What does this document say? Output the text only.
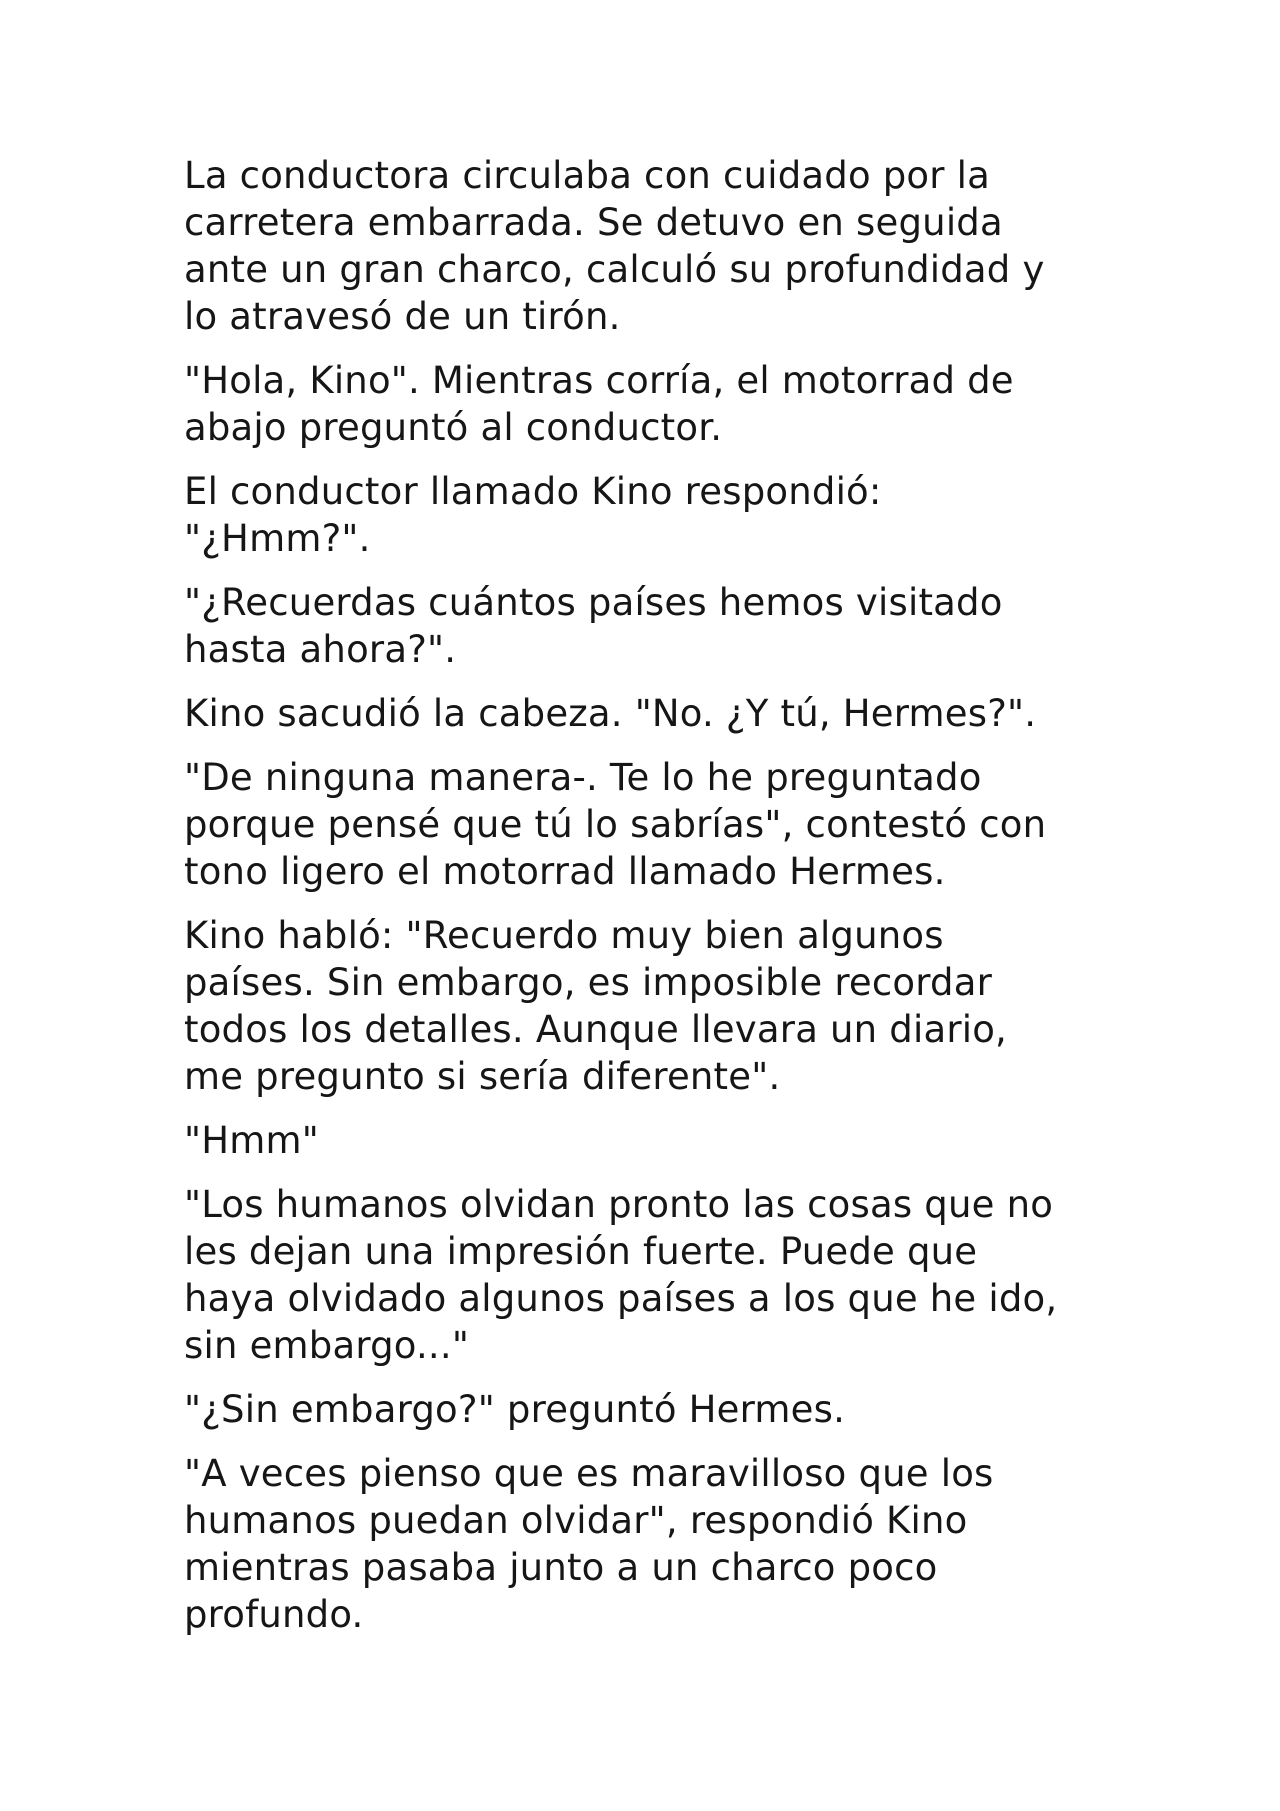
La conductora circulaba con cuidado por la
carretera embarrada. Se detuvo en seguida
ante un gran charco, calculó su profundidad y
lo atravesó de un tirón.

"Hola, Kino". Mientras corría, el motorrad de
abajo preguntó al conductor.

El conductor llamado Kino respondió:
"¿Hmm?".

"¿Recuerdas cuántos países hemos visitado
hasta ahora?".

Kino sacudió la cabeza. "No. ¿Y tú, Hermes?".

"De ninguna manera-. Te lo he preguntado
porque pensé que tú lo sabrías", contestó con
tono ligero el motorrad llamado Hermes.

Kino habló: "Recuerdo muy bien algunos
países. Sin embargo, es imposible recordar
todos los detalles. Aunque llevara un diario,
me pregunto si sería diferente".

"Hmm"

"Los humanos olvidan pronto las cosas que no
les dejan una impresión fuerte. Puede que
haya olvidado algunos países a los que he ido,
sin embargo..."

"¿Sin embargo?" preguntó Hermes.

"A veces pienso que es maravilloso que los
humanos puedan olvidar", respondió Kino
mientras pasaba junto a un charco poco
profundo.
